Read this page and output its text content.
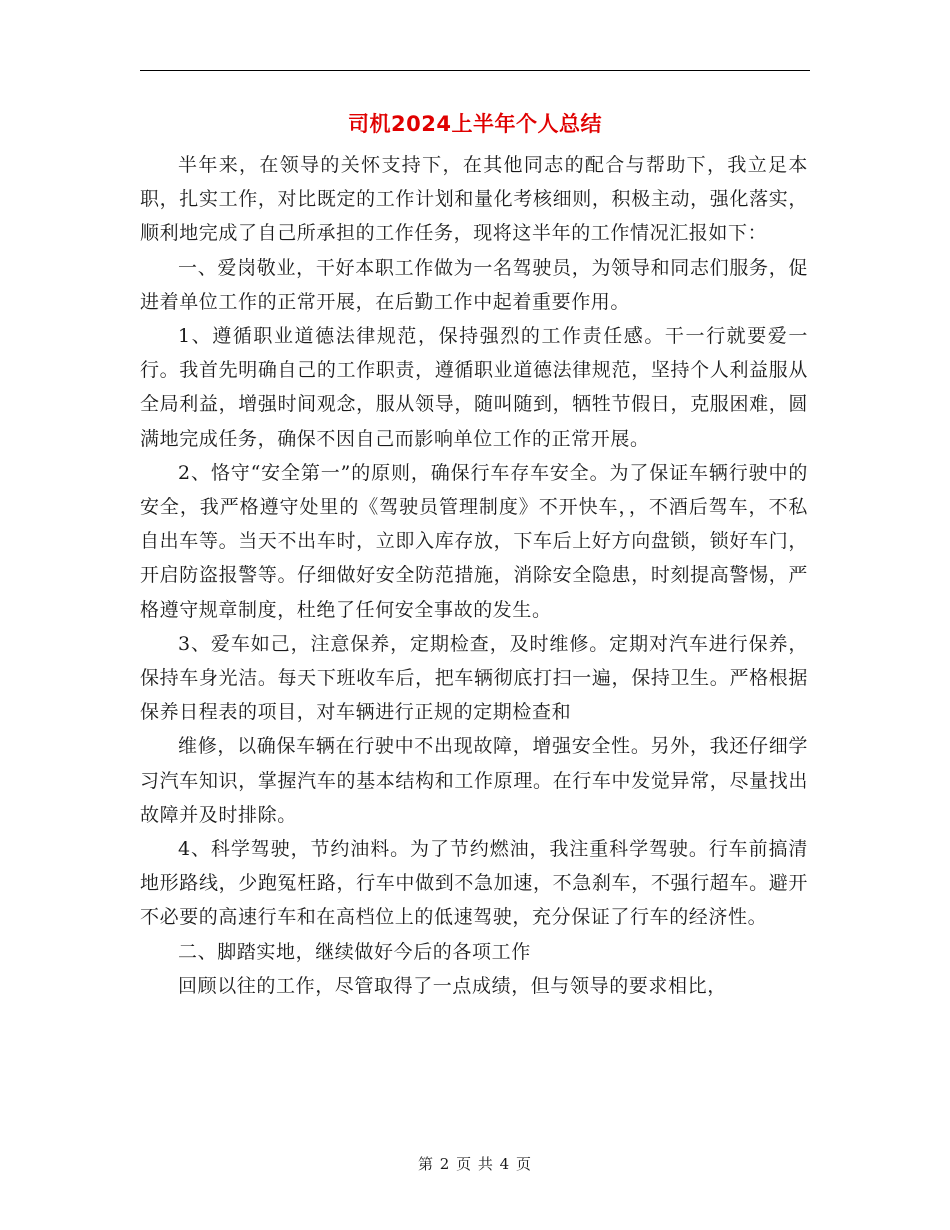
司机2024上半年个人总结

半年来，在领导的关怀支持下，在其他同志的配合与帮助下，我立足本职，扎实工作，对比既定的工作计划和量化考核细则，积极主动，强化落实，顺利地完成了自己所承担的工作任务，现将这半年的工作情况汇报如下：

一、爱岗敬业，干好本职工作做为一名驾驶员，为领导和同志们服务，促进着单位工作的正常开展，在后勤工作中起着重要作用。

1、遵循职业道德法律规范，保持强烈的工作责任感。干一行就要爱一行。我首先明确自己的工作职责，遵循职业道德法律规范，坚持个人利益服从全局利益，增强时间观念，服从领导，随叫随到，牺牲节假日，克服困难，圆满地完成任务，确保不因自己而影响单位工作的正常开展。

2、恪守“安全第一”的原则，确保行车存车安全。为了保证车辆行驶中的安全，我严格遵守处里的《驾驶员管理制度》不开快车，，不酒后驾车，不私自出车等。当天不出车时，立即入库存放，下车后上好方向盘锁，锁好车门，开启防盗报警等。仔细做好安全防范措施，消除安全隐患，时刻提高警惕，严格遵守规章制度，杜绝了任何安全事故的发生。

3、爱车如己，注意保养，定期检查，及时维修。定期对汽车进行保养，保持车身光洁。每天下班收车后，把车辆彻底打扫一遍，保持卫生。严格根据保养日程表的项目，对车辆进行正规的定期检查和

维修，以确保车辆在行驶中不出现故障，增强安全性。另外，我还仔细学习汽车知识，掌握汽车的基本结构和工作原理。在行车中发觉异常，尽量找出故障并及时排除。

4、科学驾驶，节约油料。为了节约燃油，我注重科学驾驶。行车前搞清地形路线，少跑冤枉路，行车中做到不急加速，不急刹车，不强行超车。避开不必要的高速行车和在高档位上的低速驾驶，充分保证了行车的经济性。

二、脚踏实地，继续做好今后的各项工作

回顾以往的工作，尽管取得了一点成绩，但与领导的要求相比，

第 2 页 共 4 页
